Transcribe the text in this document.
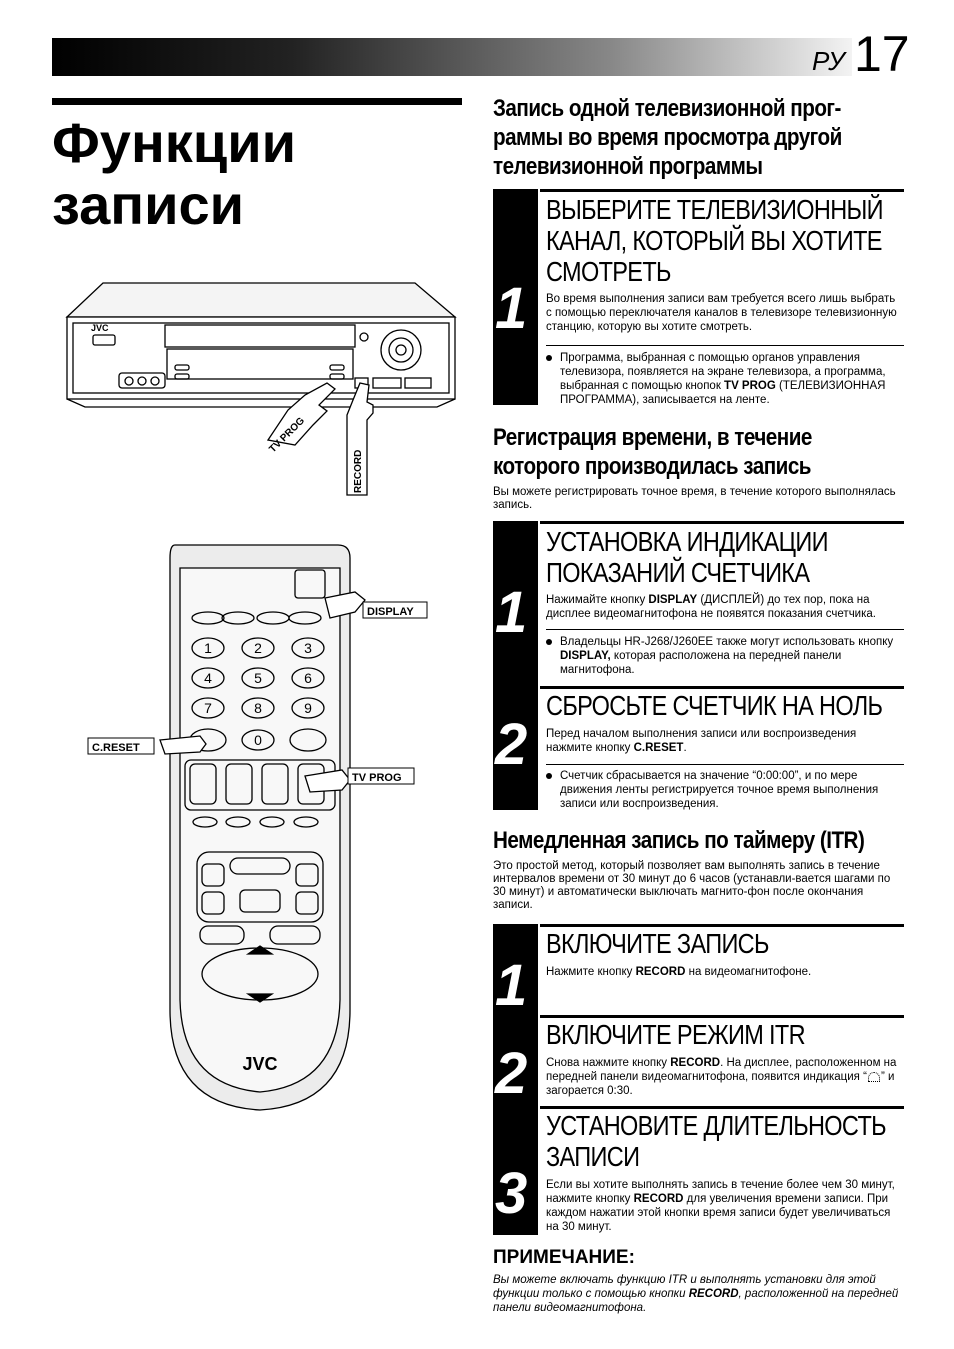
РУ 17
Функции
записи
JVC
TV PROG
RECORD
1	2	3
4	5	6
7	8	9
0
JVC
DISPLAY
C.RESET
TV PROG
Запись одной телевизионной прог-
раммы во время просмотра другой
телевизионной программы
1
ВЫБЕРИТЕ ТЕЛЕВИЗИОННЫЙ
КАНАЛ, КОТОРЫЙ ВЫ ХОТИТЕ
СМОТРЕТЬ
Во время выполнения записи вам требуется всего лишь выбрать с помощью переключателя каналов в телевизоре телевизионную станцию, которую вы хотите смотреть.
Программа, выбранная с помощью органов управления телевизора, появляется на экране телевизора, а программа, выбранная с помощью кнопок TV PROG (ТЕЛЕВИЗИОННАЯ ПРОГРАММА), записывается на ленте.
Регистрация времени, в течение
которого производилась запись
Вы можете регистрировать точное время, в течение которого выполнялась запись.
1
2
УСТАНОВКА ИНДИКАЦИИ
ПОКАЗАНИЙ СЧЕТЧИКА
Нажимайте кнопку DISPLAY (ДИСПЛЕЙ) до тех пор, пока на дисплее видеомагнитофона не появятся показания счетчика.
Владельцы HR-J268/J260EE также могут использовать кнопку DISPLAY, которая расположена на передней панели магнитофона.
СБРОСЬТЕ СЧЕТЧИК НА НОЛЬ
Перед началом выполнения записи или воспроизведения нажмите кнопку C.RESET.
Счетчик сбрасывается на значение “0:00:00”, и по мере движения ленты регистрируется точное время выполнения записи или воспроизведения.
Немедленная запись по таймеру (ITR)
Это простой метод, который позволяет вам выполнять запись в течение интервалов времени от 30 минут до 6 часов (устанавли-вается шагами по 30 минут) и автоматически выключать магнито-фон после окончания записи.
1
2
3
ВКЛЮЧИТЕ ЗАПИСЬ
Нажмите кнопку RECORD на видеомагнитофоне.
ВКЛЮЧИТЕ РЕЖИМ ITR
Снова нажмите кнопку RECORD. На дисплее, расположенном на передней панели видеомагнитофона, появится индикация “ ” и загорается 0:30.
УСТАНОВИТЕ ДЛИТЕЛЬНОСТЬ
ЗАПИСИ
Если вы хотите выполнять запись в течение более чем 30 минут, нажмите кнопку RECORD для увеличения времени записи. При каждом нажатии этой кнопки время записи будет увеличиваться на 30 минут.
ПРИМЕЧАНИЕ:
Вы можете включать функцию ITR и выполнять установки для этой функции только с помощью кнопки RECORD, расположенной на передней панели видеомагнитофона.
